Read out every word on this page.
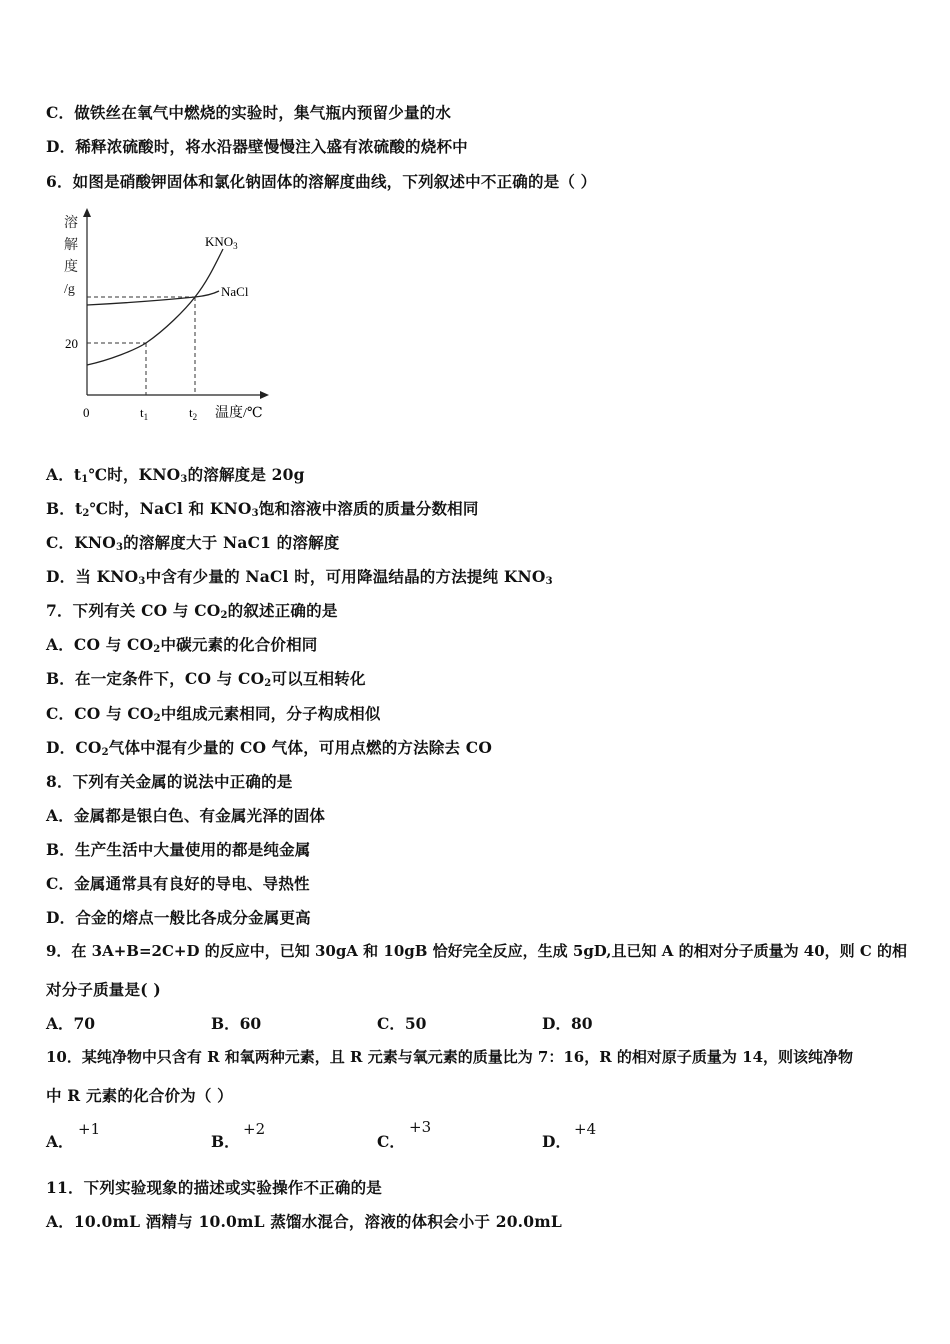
C．做铁丝在氧气中燃烧的实验时，集气瓶内预留少量的水
D．稀释浓硫酸时，将水沿器壁慢慢注入盛有浓硫酸的烧杯中
6．如图是硝酸钾固体和氯化钠固体的溶解度曲线，下列叙述中不正确的是（ ）
溶
解
度
/g
$KNO_3$
NaCl
20
0	$t_1$	$t_2$ 温度/℃
A．$t_1℃$时，$KNO_3$的溶解度是 20g
B．$t_2℃$时，NaCl 和 $KNO_3$饱和溶液中溶质的质量分数相同
C．$KNO_3$的溶解度大于 NaC1 的溶解度
D．当 $KNO_3$中含有少量的 NaCl 时，可用降温结晶的方法提纯 $KNO_3$
7．下列有关 CO 与 $CO_2$的叙述正确的是
A．CO 与 $CO_2$中碳元素的化合价相同
B．在一定条件下，CO 与 $CO_2$可以互相转化
C．CO 与 $CO_2$中组成元素相同，分子构成相似
D．$CO_2$气体中混有少量的 CO 气体，可用点燃的方法除去 CO
8．下列有关金属的说法中正确的是
A．金属都是银白色、有金属光泽的固体
B．生产生活中大量使用的都是纯金属
C．金属通常具有良好的导电、导热性
D．合金的熔点一般比各成分金属更高
9．在 3A+B=2C+D 的反应中，已知 30gA 和 10gB 恰好完全反应，生成 5gD,且已知 A 的相对分子质量为 40，则 C 的相
对分子质量是( )
A．70	B．60	C．50	D．80
10．某纯净物中只含有 R 和氧两种元素，且 R 元素与氧元素的质量比为 7：16，R 的相对原子质量为 14，则该纯净物
中 R 元素的化合价为（ ）
A．
+1
B．
+2
C．
+3
D．
+4
11．下列实验现象的描述或实验操作不正确的是
A．10.0mL 酒精与 10.0mL 蒸馏水混合，溶液的体积会小于 20.0mL
